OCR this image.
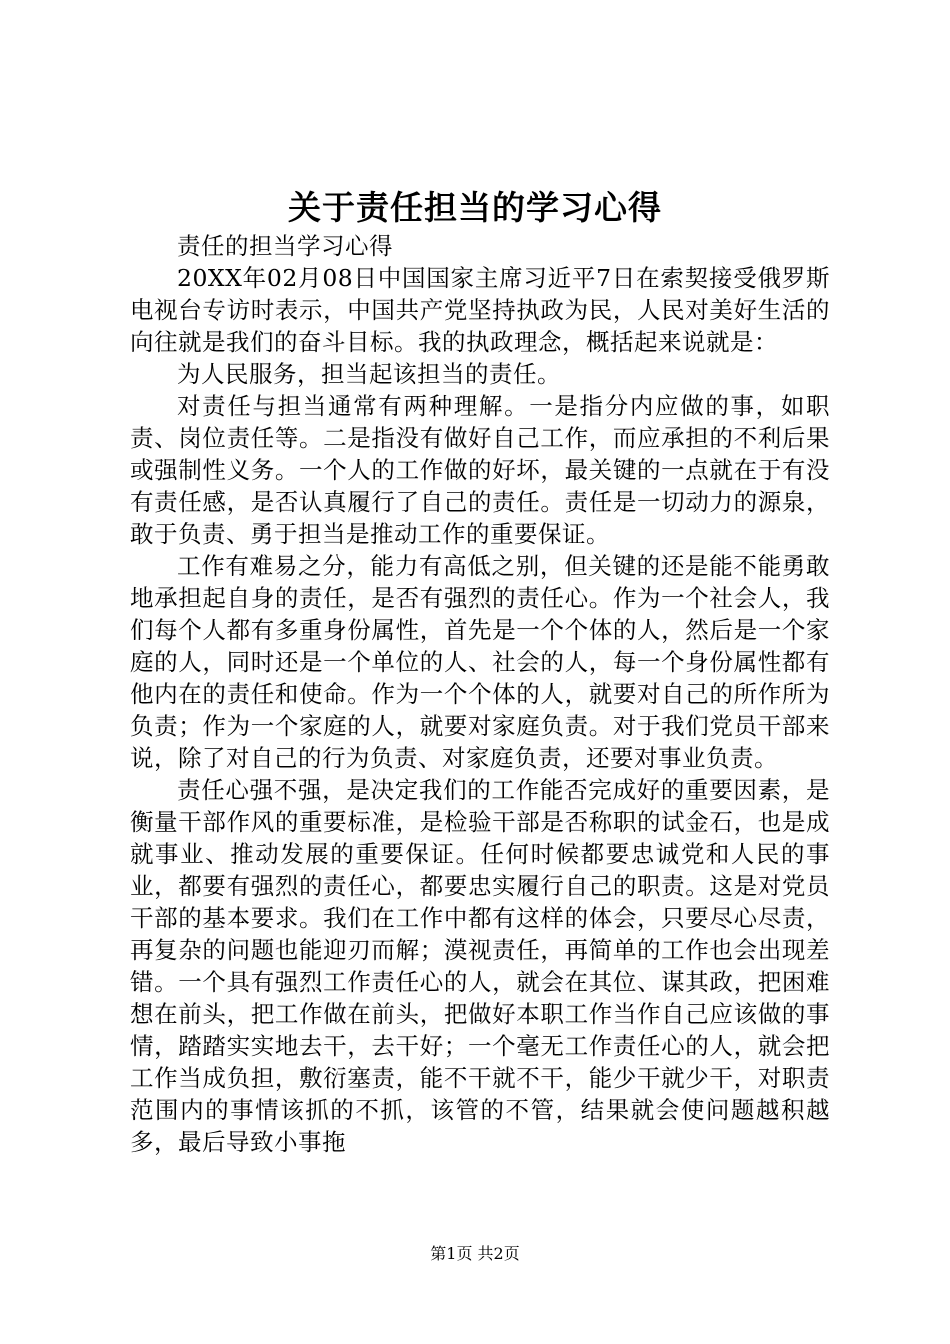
关于责任担当的学习心得

责任的担当学习心得

20XX年02月08日中国国家主席习近平7日在索契接受俄罗斯电视台专访时表示，中国共产党坚持执政为民，人民对美好生活的向往就是我们的奋斗目标。我的执政理念，概括起来说就是：

为人民服务，担当起该担当的责任。

对责任与担当通常有两种理解。一是指分内应做的事，如职责、岗位责任等。二是指没有做好自己工作，而应承担的不利后果或强制性义务。一个人的工作做的好坏，最关键的一点就在于有没有责任感，是否认真履行了自己的责任。责任是一切动力的源泉，敢于负责、勇于担当是推动工作的重要保证。

工作有难易之分，能力有高低之别，但关键的还是能不能勇敢地承担起自身的责任，是否有强烈的责任心。作为一个社会人，我们每个人都有多重身份属性，首先是一个个体的人，然后是一个家庭的人，同时还是一个单位的人、社会的人，每一个身份属性都有他内在的责任和使命。作为一个个体的人，就要对自己的所作所为负责；作为一个家庭的人，就要对家庭负责。对于我们党员干部来说，除了对自己的行为负责、对家庭负责，还要对事业负责。

责任心强不强，是决定我们的工作能否完成好的重要因素，是衡量干部作风的重要标准，是检验干部是否称职的试金石，也是成就事业、推动发展的重要保证。任何时候都要忠诚党和人民的事业，都要有强烈的责任心，都要忠实履行自己的职责。这是对党员干部的基本要求。我们在工作中都有这样的体会，只要尽心尽责，再复杂的问题也能迎刃而解；漠视责任，再简单的工作也会出现差错。一个具有强烈工作责任心的人，就会在其位、谋其政，把困难想在前头，把工作做在前头，把做好本职工作当作自己应该做的事情，踏踏实实地去干，去干好；一个毫无工作责任心的人，就会把工作当成负担，敷衍塞责，能不干就不干，能少干就少干，对职责范围内的事情该抓的不抓，该管的不管，结果就会使问题越积越多，最后导致小事拖

第1页 共2页
